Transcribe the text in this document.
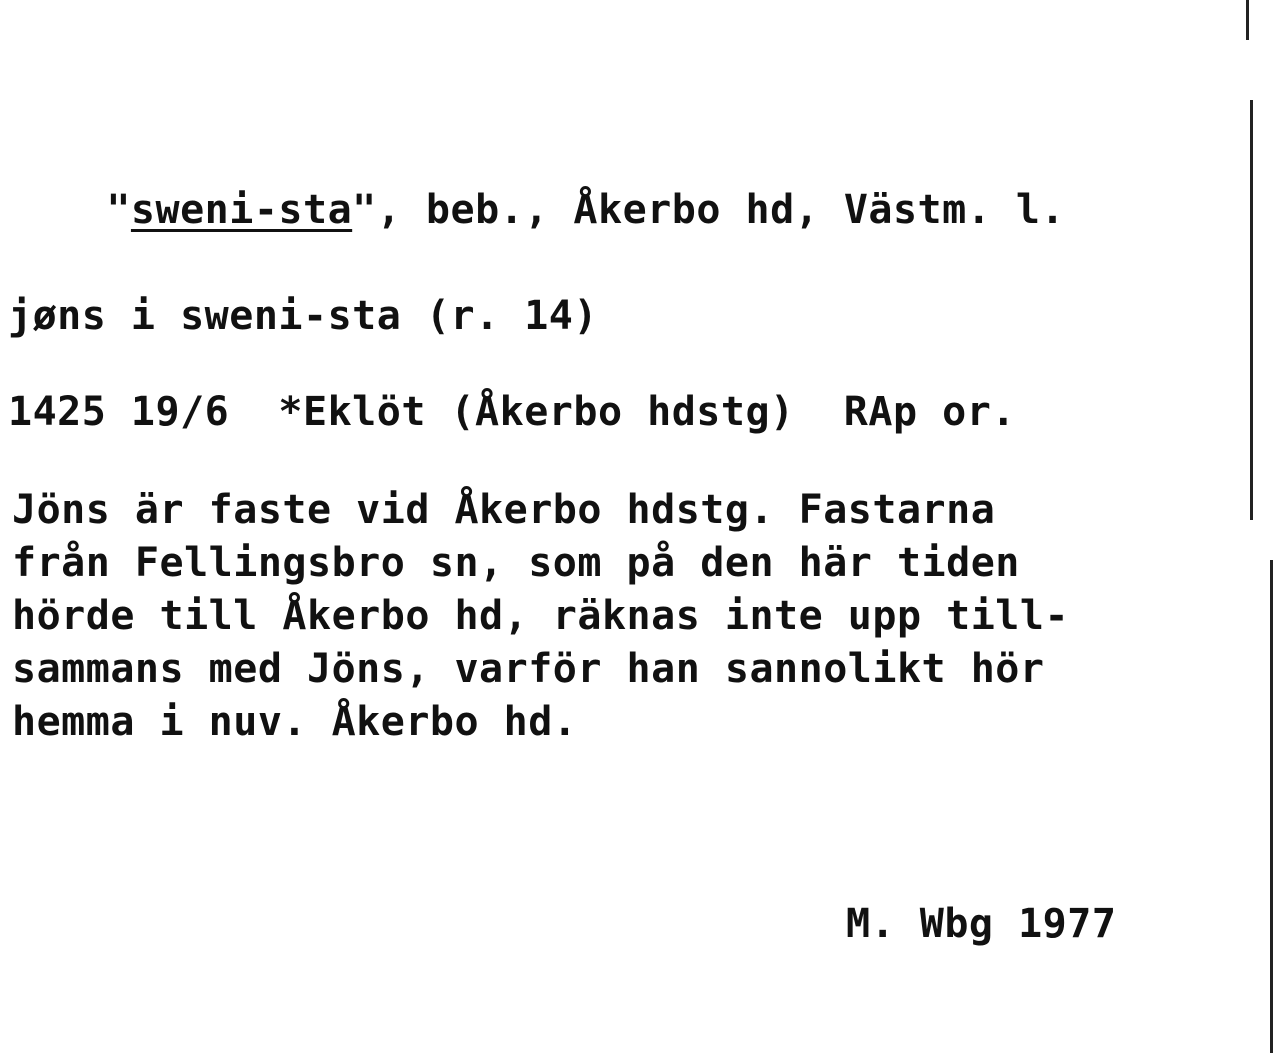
"sweni-sta", beb., Åkerbo hd, Västm. l.

jøns i sweni-sta (r. 14)
1425 19/6  *Eklöt (Åkerbo hdstg)  RAp or.
Jöns är faste vid Åkerbo hdstg. Fastarna
från Fellingsbro sn, som på den här tiden
hörde till Åkerbo hd, räknas inte upp till-
sammans med Jöns, varför han sannolikt hör
hemma i nuv. Åkerbo hd.
M. Wbg 1977
